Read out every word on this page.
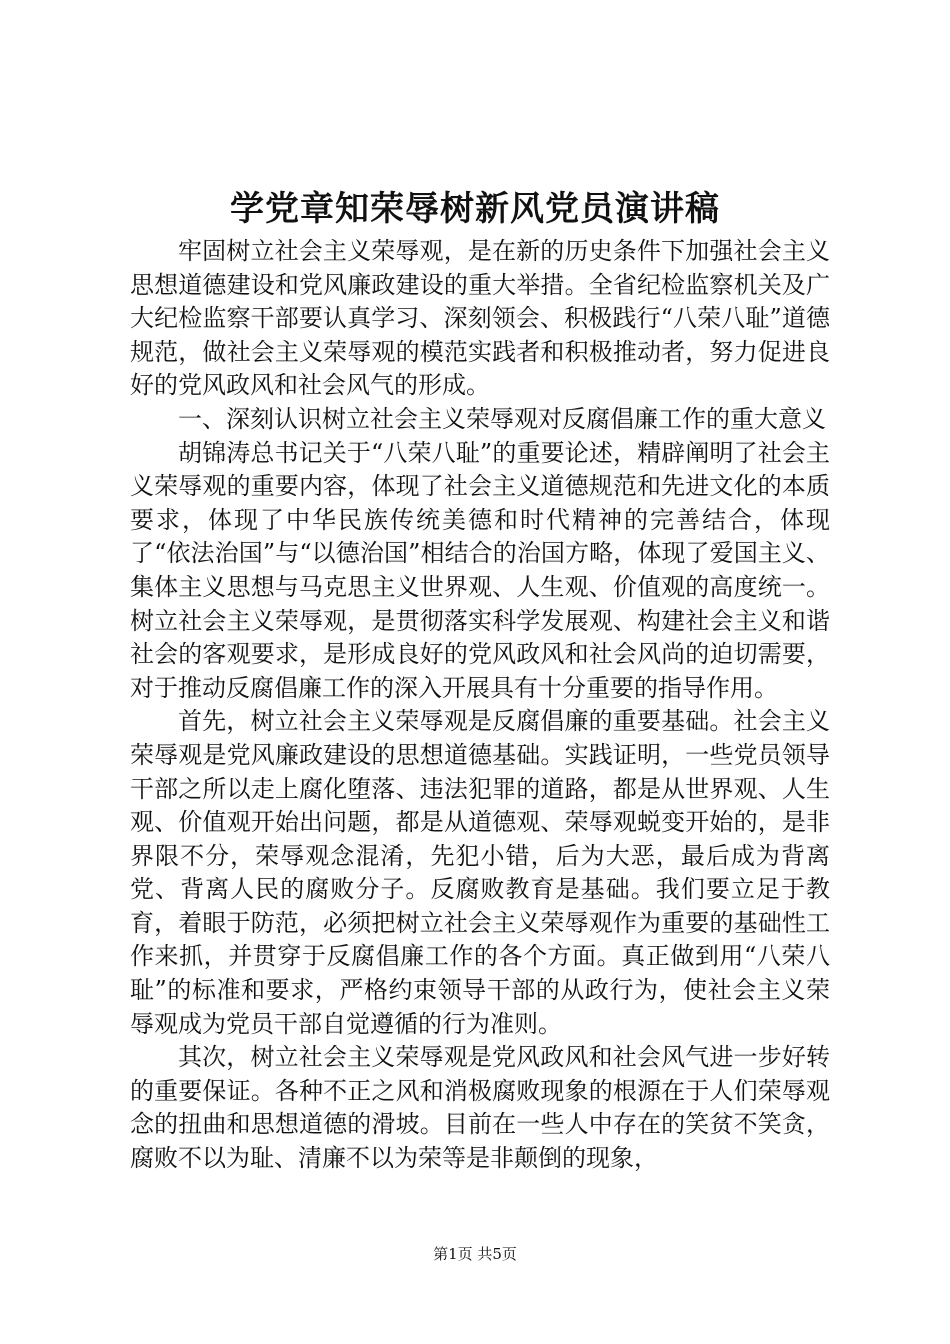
学党章知荣辱树新风党员演讲稿

牢固树立社会主义荣辱观，是在新的历史条件下加强社会主义思想道德建设和党风廉政建设的重大举措。全省纪检监察机关及广大纪检监察干部要认真学习、深刻领会、积极践行“八荣八耻”道德规范，做社会主义荣辱观的模范实践者和积极推动者，努力促进良好的党风政风和社会风气的形成。

一、深刻认识树立社会主义荣辱观对反腐倡廉工作的重大意义

胡锦涛总书记关于“八荣八耻”的重要论述，精辟阐明了社会主义荣辱观的重要内容，体现了社会主义道德规范和先进文化的本质要求，体现了中华民族传统美德和时代精神的完善结合，体现了“依法治国”与“以德治国”相结合的治国方略，体现了爱国主义、集体主义思想与马克思主义世界观、人生观、价值观的高度统一。树立社会主义荣辱观，是贯彻落实科学发展观、构建社会主义和谐社会的客观要求，是形成良好的党风政风和社会风尚的迫切需要，对于推动反腐倡廉工作的深入开展具有十分重要的指导作用。

首先，树立社会主义荣辱观是反腐倡廉的重要基础。社会主义荣辱观是党风廉政建设的思想道德基础。实践证明，一些党员领导干部之所以走上腐化堕落、违法犯罪的道路，都是从世界观、人生观、价值观开始出问题，都是从道德观、荣辱观蜕变开始的，是非界限不分，荣辱观念混淆，先犯小错，后为大恶，最后成为背离党、背离人民的腐败分子。反腐败教育是基础。我们要立足于教育，着眼于防范，必须把树立社会主义荣辱观作为重要的基础性工作来抓，并贯穿于反腐倡廉工作的各个方面。真正做到用“八荣八耻”的标准和要求，严格约束领导干部的从政行为，使社会主义荣辱观成为党员干部自觉遵循的行为准则。

其次，树立社会主义荣辱观是党风政风和社会风气进一步好转的重要保证。各种不正之风和消极腐败现象的根源在于人们荣辱观念的扭曲和思想道德的滑坡。目前在一些人中存在的笑贫不笑贪，腐败不以为耻、清廉不以为荣等是非颠倒的现象，

第1页 共5页
